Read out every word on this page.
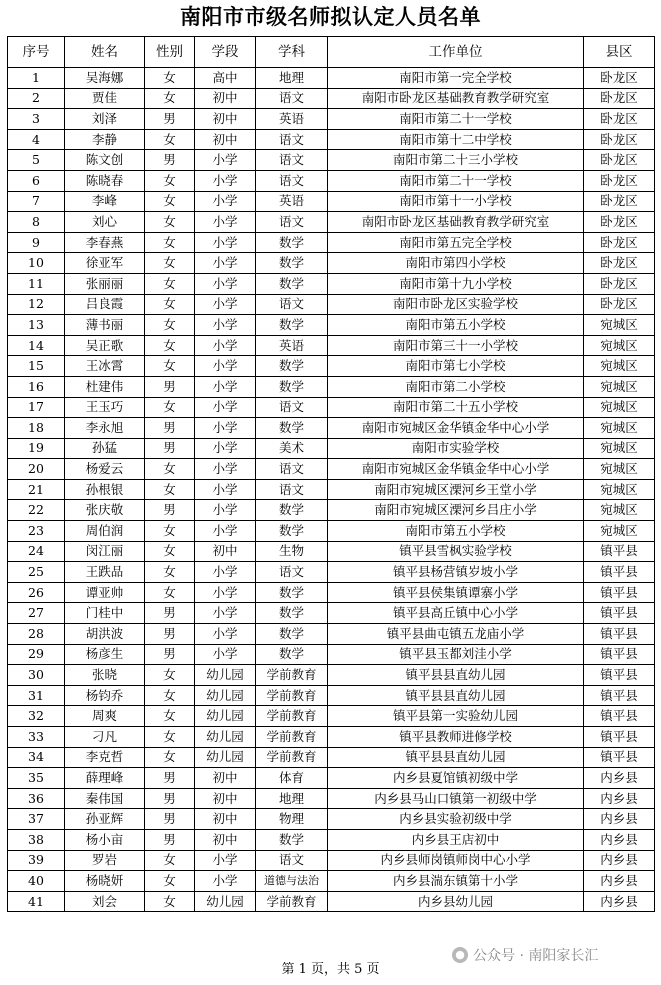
南阳市市级名师拟认定人员名单
序号	姓名	性别	学段	学科	工作单位	县区
1	吴海娜	女	高中	地理	南阳市第一完全学校	卧龙区
2	贾佳	女	初中	语文	南阳市卧龙区基础教育教学研究室	卧龙区
3	刘泽	男	初中	英语	南阳市第二十一学校	卧龙区
4	李静	女	初中	语文	南阳市第十二中学校	卧龙区
5	陈文创	男	小学	语文	南阳市第二十三小学校	卧龙区
6	陈晓春	女	小学	语文	南阳市第二十一学校	卧龙区
7	李峰	女	小学	英语	南阳市第十一小学校	卧龙区
8	刘心	女	小学	语文	南阳市卧龙区基础教育教学研究室	卧龙区
9	李春燕	女	小学	数学	南阳市第五完全学校	卧龙区
10	徐亚军	女	小学	数学	南阳市第四小学校	卧龙区
11	张丽丽	女	小学	数学	南阳市第十九小学校	卧龙区
12	吕良霞	女	小学	语文	南阳市卧龙区实验学校	卧龙区
13	薄书丽	女	小学	数学	南阳市第五小学校	宛城区
14	吴正歌	女	小学	英语	南阳市第三十一小学校	宛城区
15	王冰霄	女	小学	数学	南阳市第七小学校	宛城区
16	杜建伟	男	小学	数学	南阳市第二小学校	宛城区
17	王玉巧	女	小学	语文	南阳市第二十五小学校	宛城区
18	李永旭	男	小学	数学	南阳市宛城区金华镇金华中心小学	宛城区
19	孙猛	男	小学	美术	南阳市实验学校	宛城区
20	杨爱云	女	小学	语文	南阳市宛城区金华镇金华中心小学	宛城区
21	孙根银	女	小学	语文	南阳市宛城区溧河乡王堂小学	宛城区
22	张庆敬	男	小学	数学	南阳市宛城区溧河乡吕庄小学	宛城区
23	周伯润	女	小学	数学	南阳市第五小学校	宛城区
24	闵江丽	女	初中	生物	镇平县雪枫实验学校	镇平县
25	王跌品	女	小学	语文	镇平县杨营镇岁坡小学	镇平县
26	谭亚帅	女	小学	数学	镇平县侯集镇谭寨小学	镇平县
27	门桂中	男	小学	数学	镇平县高丘镇中心小学	镇平县
28	胡洪波	男	小学	数学	镇平县曲屯镇五龙庙小学	镇平县
29	杨彦生	男	小学	数学	镇平县玉都刘洼小学	镇平县
30	张晓	女	幼儿园	学前教育	镇平县县直幼儿园	镇平县
31	杨钧乔	女	幼儿园	学前教育	镇平县县直幼儿园	镇平县
32	周爽	女	幼儿园	学前教育	镇平县第一实验幼儿园	镇平县
33	刁凡	女	幼儿园	学前教育	镇平县教师进修学校	镇平县
34	李克哲	女	幼儿园	学前教育	镇平县县直幼儿园	镇平县
35	薛理峰	男	初中	体育	内乡县夏馆镇初级中学	内乡县
36	秦伟国	男	初中	地理	内乡县马山口镇第一初级中学	内乡县
37	孙亚辉	男	初中	物理	内乡县实验初级中学	内乡县
38	杨小亩	男	初中	数学	内乡县王店初中	内乡县
39	罗岩	女	小学	语文	内乡县师岗镇师岗中心小学	内乡县
40	杨晓妍	女	小学	道德与法治	内乡县湍东镇第十小学	内乡县
41	刘会	女	幼儿园	学前教育	内乡县幼儿园	内乡县
第 1 页，共 5 页
● 公众号 · 南阳家长汇
